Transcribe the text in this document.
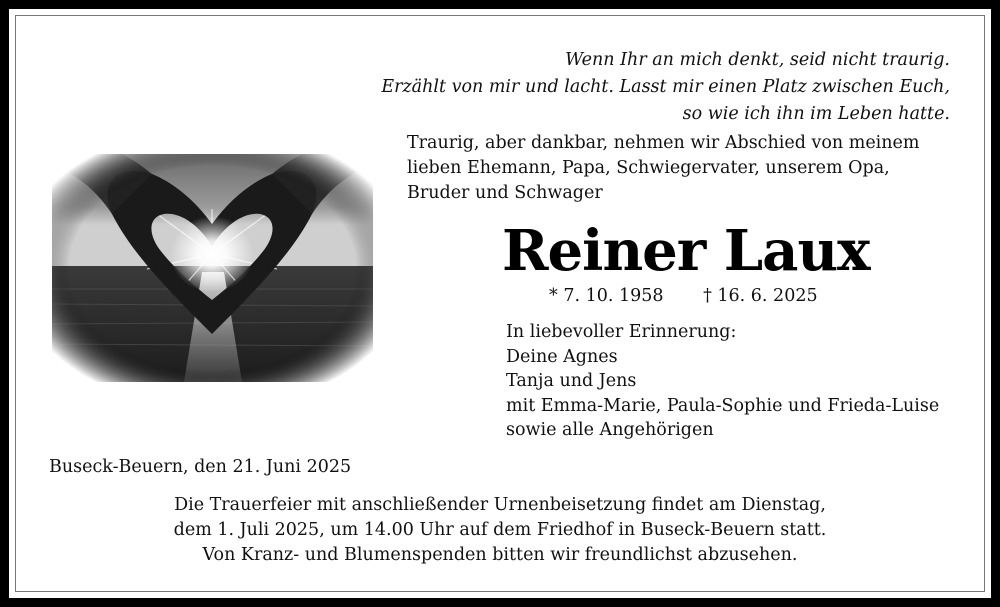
Wenn Ihr an mich denkt, seid nicht traurig.
Erzählt von mir und lacht. Lasst mir einen Platz zwischen Euch,
so wie ich ihn im Leben hatte.
Traurig, aber dankbar, nehmen wir Abschied von meinem
lieben Ehemann, Papa, Schwiegervater, unserem Opa,
Bruder und Schwager
Reiner Laux
* 7. 10. 1958 † 16. 6. 2025
In liebevoller Erinnerung:
Deine Agnes
Tanja und Jens
mit Emma-Marie, Paula-Sophie und Frieda-Luise
sowie alle Angehörigen
Buseck-Beuern, den 21. Juni 2025
Die Trauerfeier mit anschließender Urnenbeisetzung findet am Dienstag,
dem 1. Juli 2025, um 14.00 Uhr auf dem Friedhof in Buseck-Beuern statt.
Von Kranz- und Blumenspenden bitten wir freundlichst abzusehen.
